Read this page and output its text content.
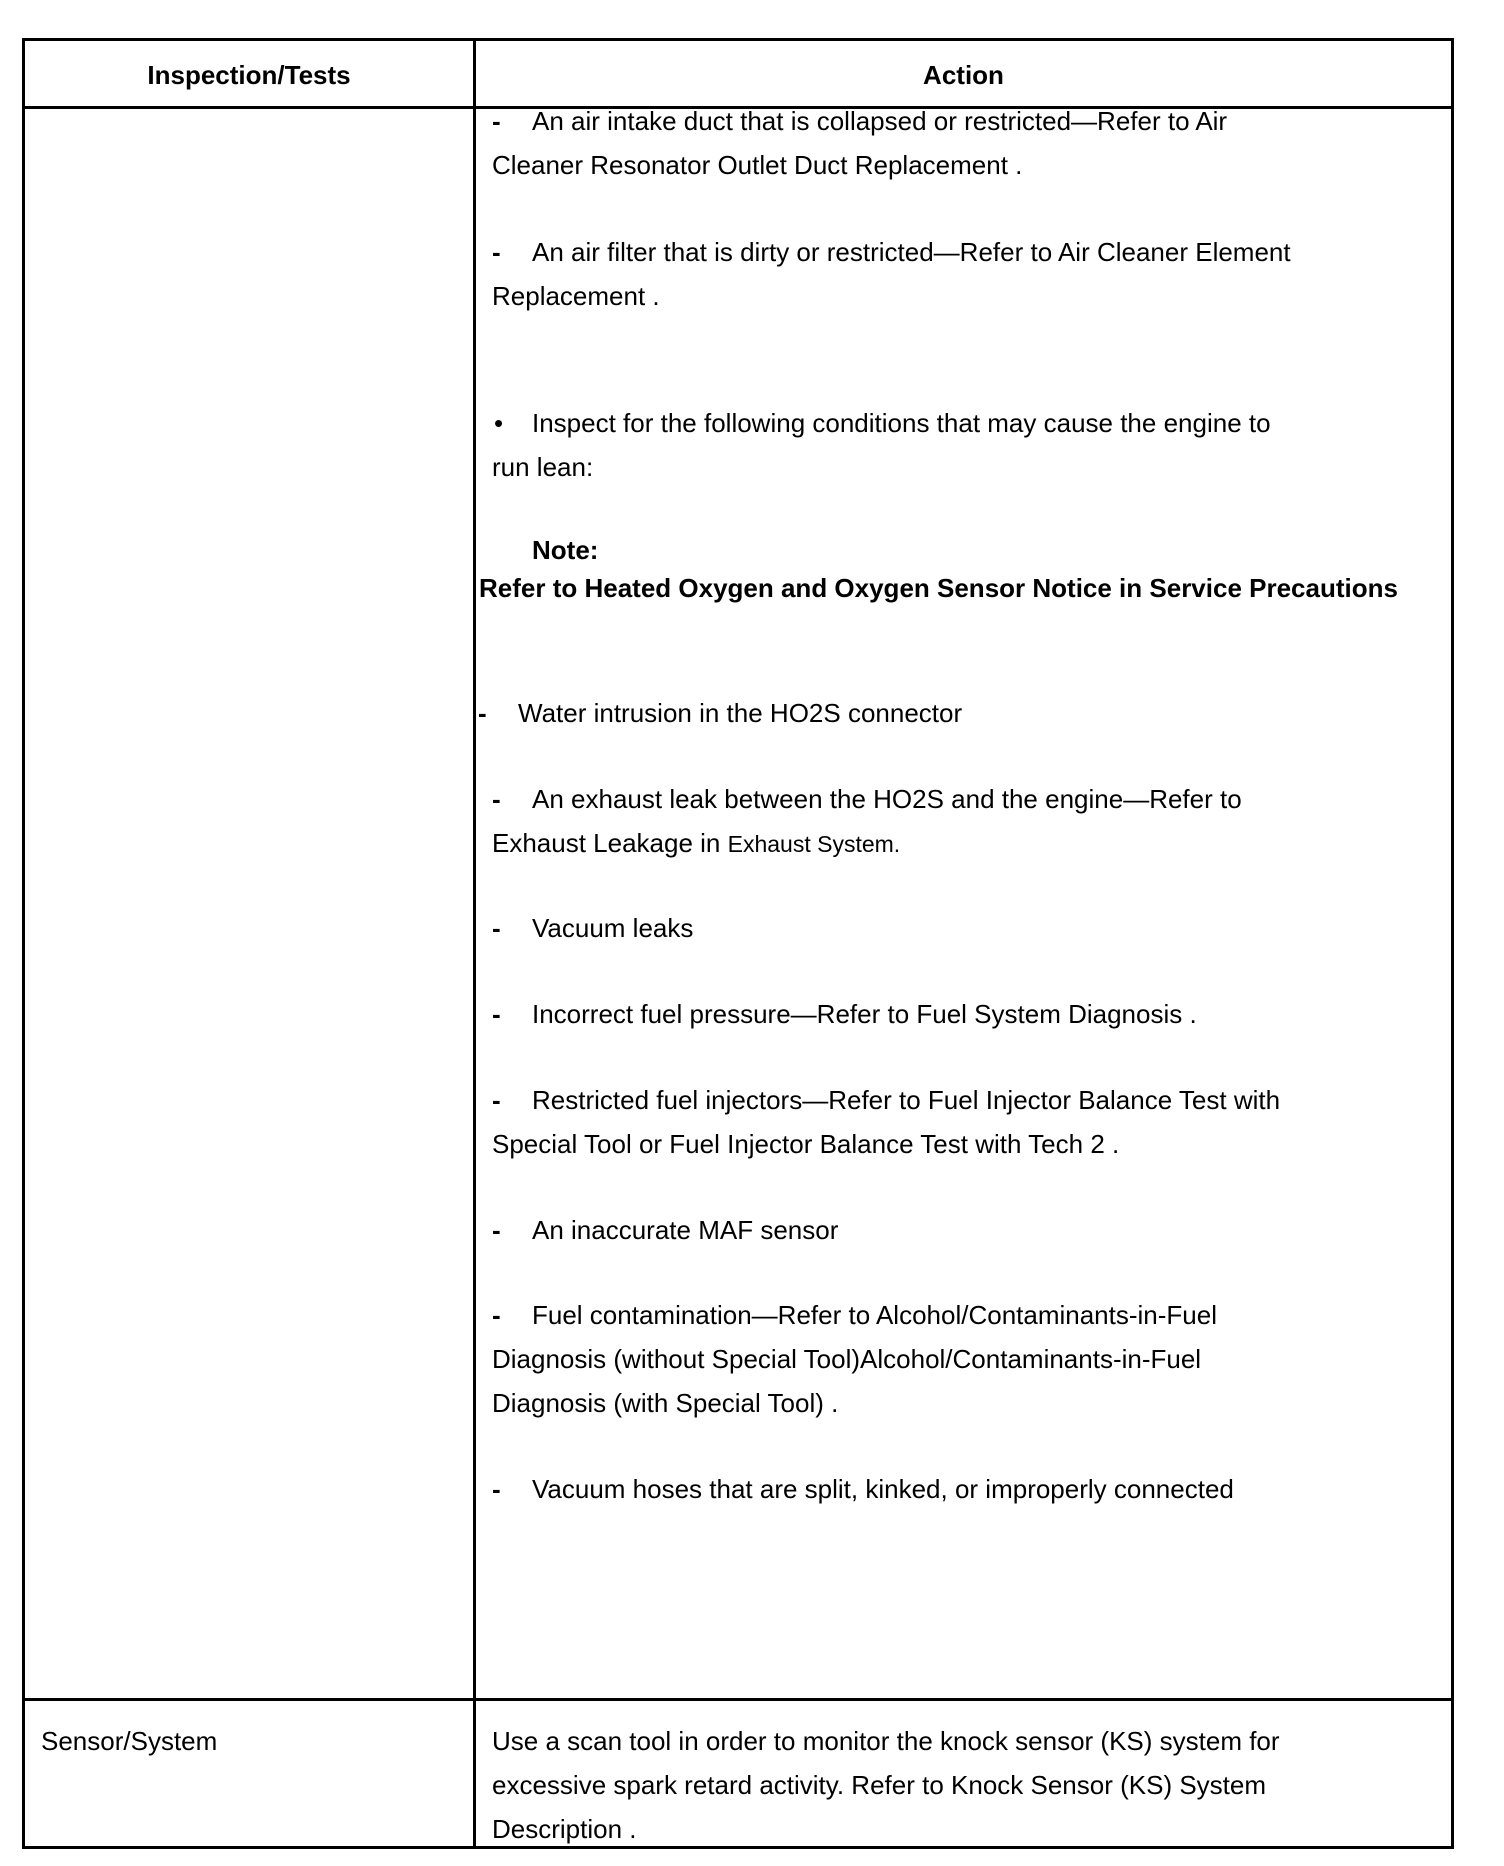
Inspection/Tests	Action
- An air intake duct that is collapsed or restricted—Refer to Air
Cleaner Resonator Outlet Duct Replacement .
- An air filter that is dirty or restricted—Refer to Air Cleaner Element
Replacement .
• Inspect for the following conditions that may cause the engine to
run lean:
Note:
Refer to Heated Oxygen and Oxygen Sensor Notice in Service Precautions
- Water intrusion in the HO2S connector
- An exhaust leak between the HO2S and the engine—Refer to
Exhaust Leakage in Exhaust System.
- Vacuum leaks
- Incorrect fuel pressure—Refer to Fuel System Diagnosis .
- Restricted fuel injectors—Refer to Fuel Injector Balance Test with
Special Tool or Fuel Injector Balance Test with Tech 2 .
- An inaccurate MAF sensor
- Fuel contamination—Refer to Alcohol/Contaminants-in-Fuel
Diagnosis (without Special Tool)Alcohol/Contaminants-in-Fuel
Diagnosis (with Special Tool) .
- Vacuum hoses that are split, kinked, or improperly connected
Sensor/System	Use a scan tool in order to monitor the knock sensor (KS) system for
excessive spark retard activity. Refer to Knock Sensor (KS) System
Description .
